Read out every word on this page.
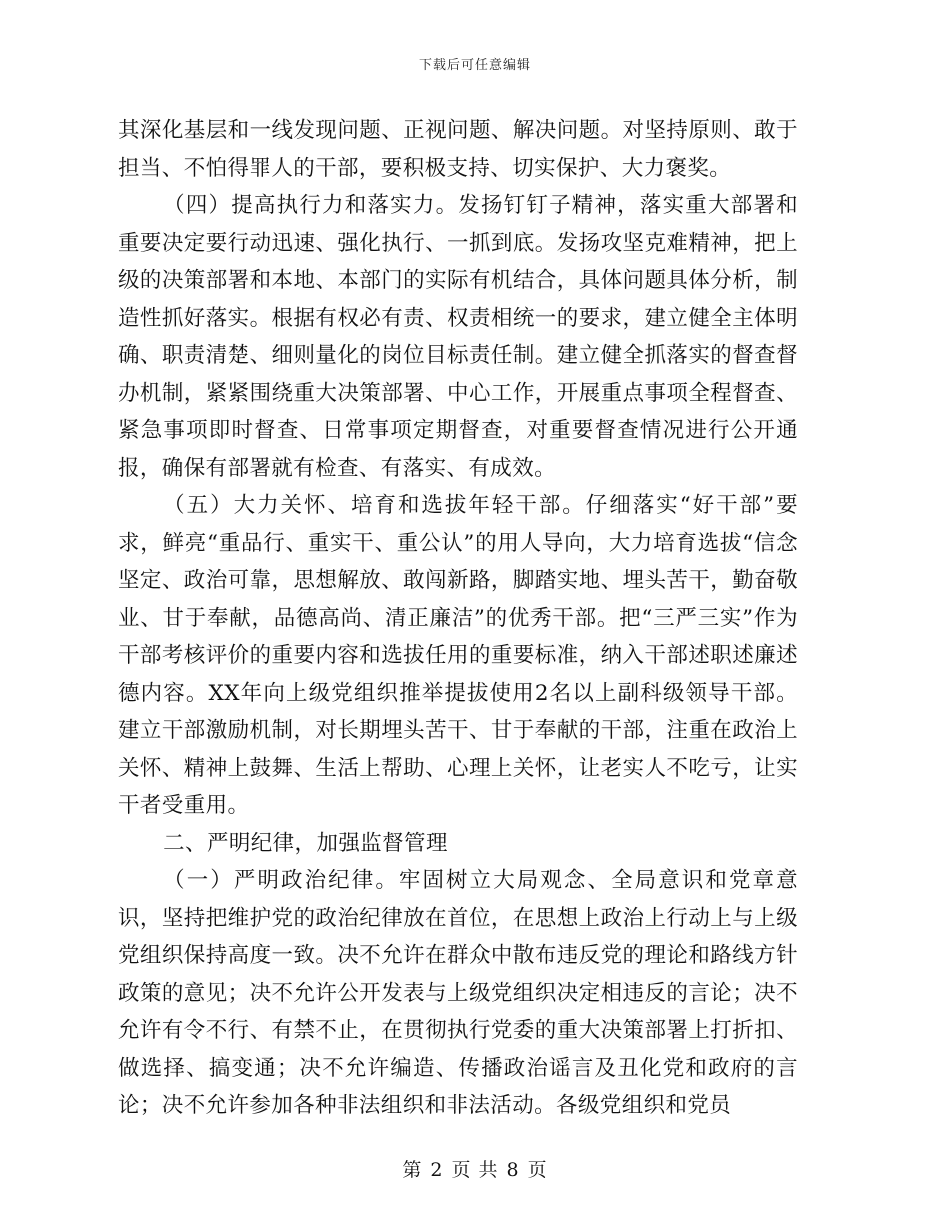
下载后可任意编辑

其深化基层和一线发现问题、正视问题、解决问题。对坚持原则、敢于担当、不怕得罪人的干部，要积极支持、切实保护、大力褒奖。

（四）提高执行力和落实力。发扬钉钉子精神，落实重大部署和重要决定要行动迅速、强化执行、一抓到底。发扬攻坚克难精神，把上级的决策部署和本地、本部门的实际有机结合，具体问题具体分析，制造性抓好落实。根据有权必有责、权责相统一的要求，建立健全主体明确、职责清楚、细则量化的岗位目标责任制。建立健全抓落实的督查督办机制，紧紧围绕重大决策部署、中心工作，开展重点事项全程督查、紧急事项即时督查、日常事项定期督查，对重要督查情况进行公开通报，确保有部署就有检查、有落实、有成效。

（五）大力关怀、培育和选拔年轻干部。仔细落实“好干部”要求，鲜亮“重品行、重实干、重公认”的用人导向，大力培育选拔“信念坚定、政治可靠，思想解放、敢闯新路，脚踏实地、埋头苦干，勤奋敬业、甘于奉献，品德高尚、清正廉洁”的优秀干部。把“三严三实”作为干部考核评价的重要内容和选拔任用的重要标准，纳入干部述职述廉述德内容。XX年向上级党组织推举提拔使用2名以上副科级领导干部。建立干部激励机制，对长期埋头苦干、甘于奉献的干部，注重在政治上关怀、精神上鼓舞、生活上帮助、心理上关怀，让老实人不吃亏，让实干者受重用。

二、严明纪律，加强监督管理

（一）严明政治纪律。牢固树立大局观念、全局意识和党章意识，坚持把维护党的政治纪律放在首位，在思想上政治上行动上与上级党组织保持高度一致。决不允许在群众中散布违反党的理论和路线方针政策的意见；决不允许公开发表与上级党组织决定相违反的言论；决不允许有令不行、有禁不止，在贯彻执行党委的重大决策部署上打折扣、做选择、搞变通；决不允许编造、传播政治谣言及丑化党和政府的言论；决不允许参加各种非法组织和非法活动。各级党组织和党员

第 2 页 共 8 页
